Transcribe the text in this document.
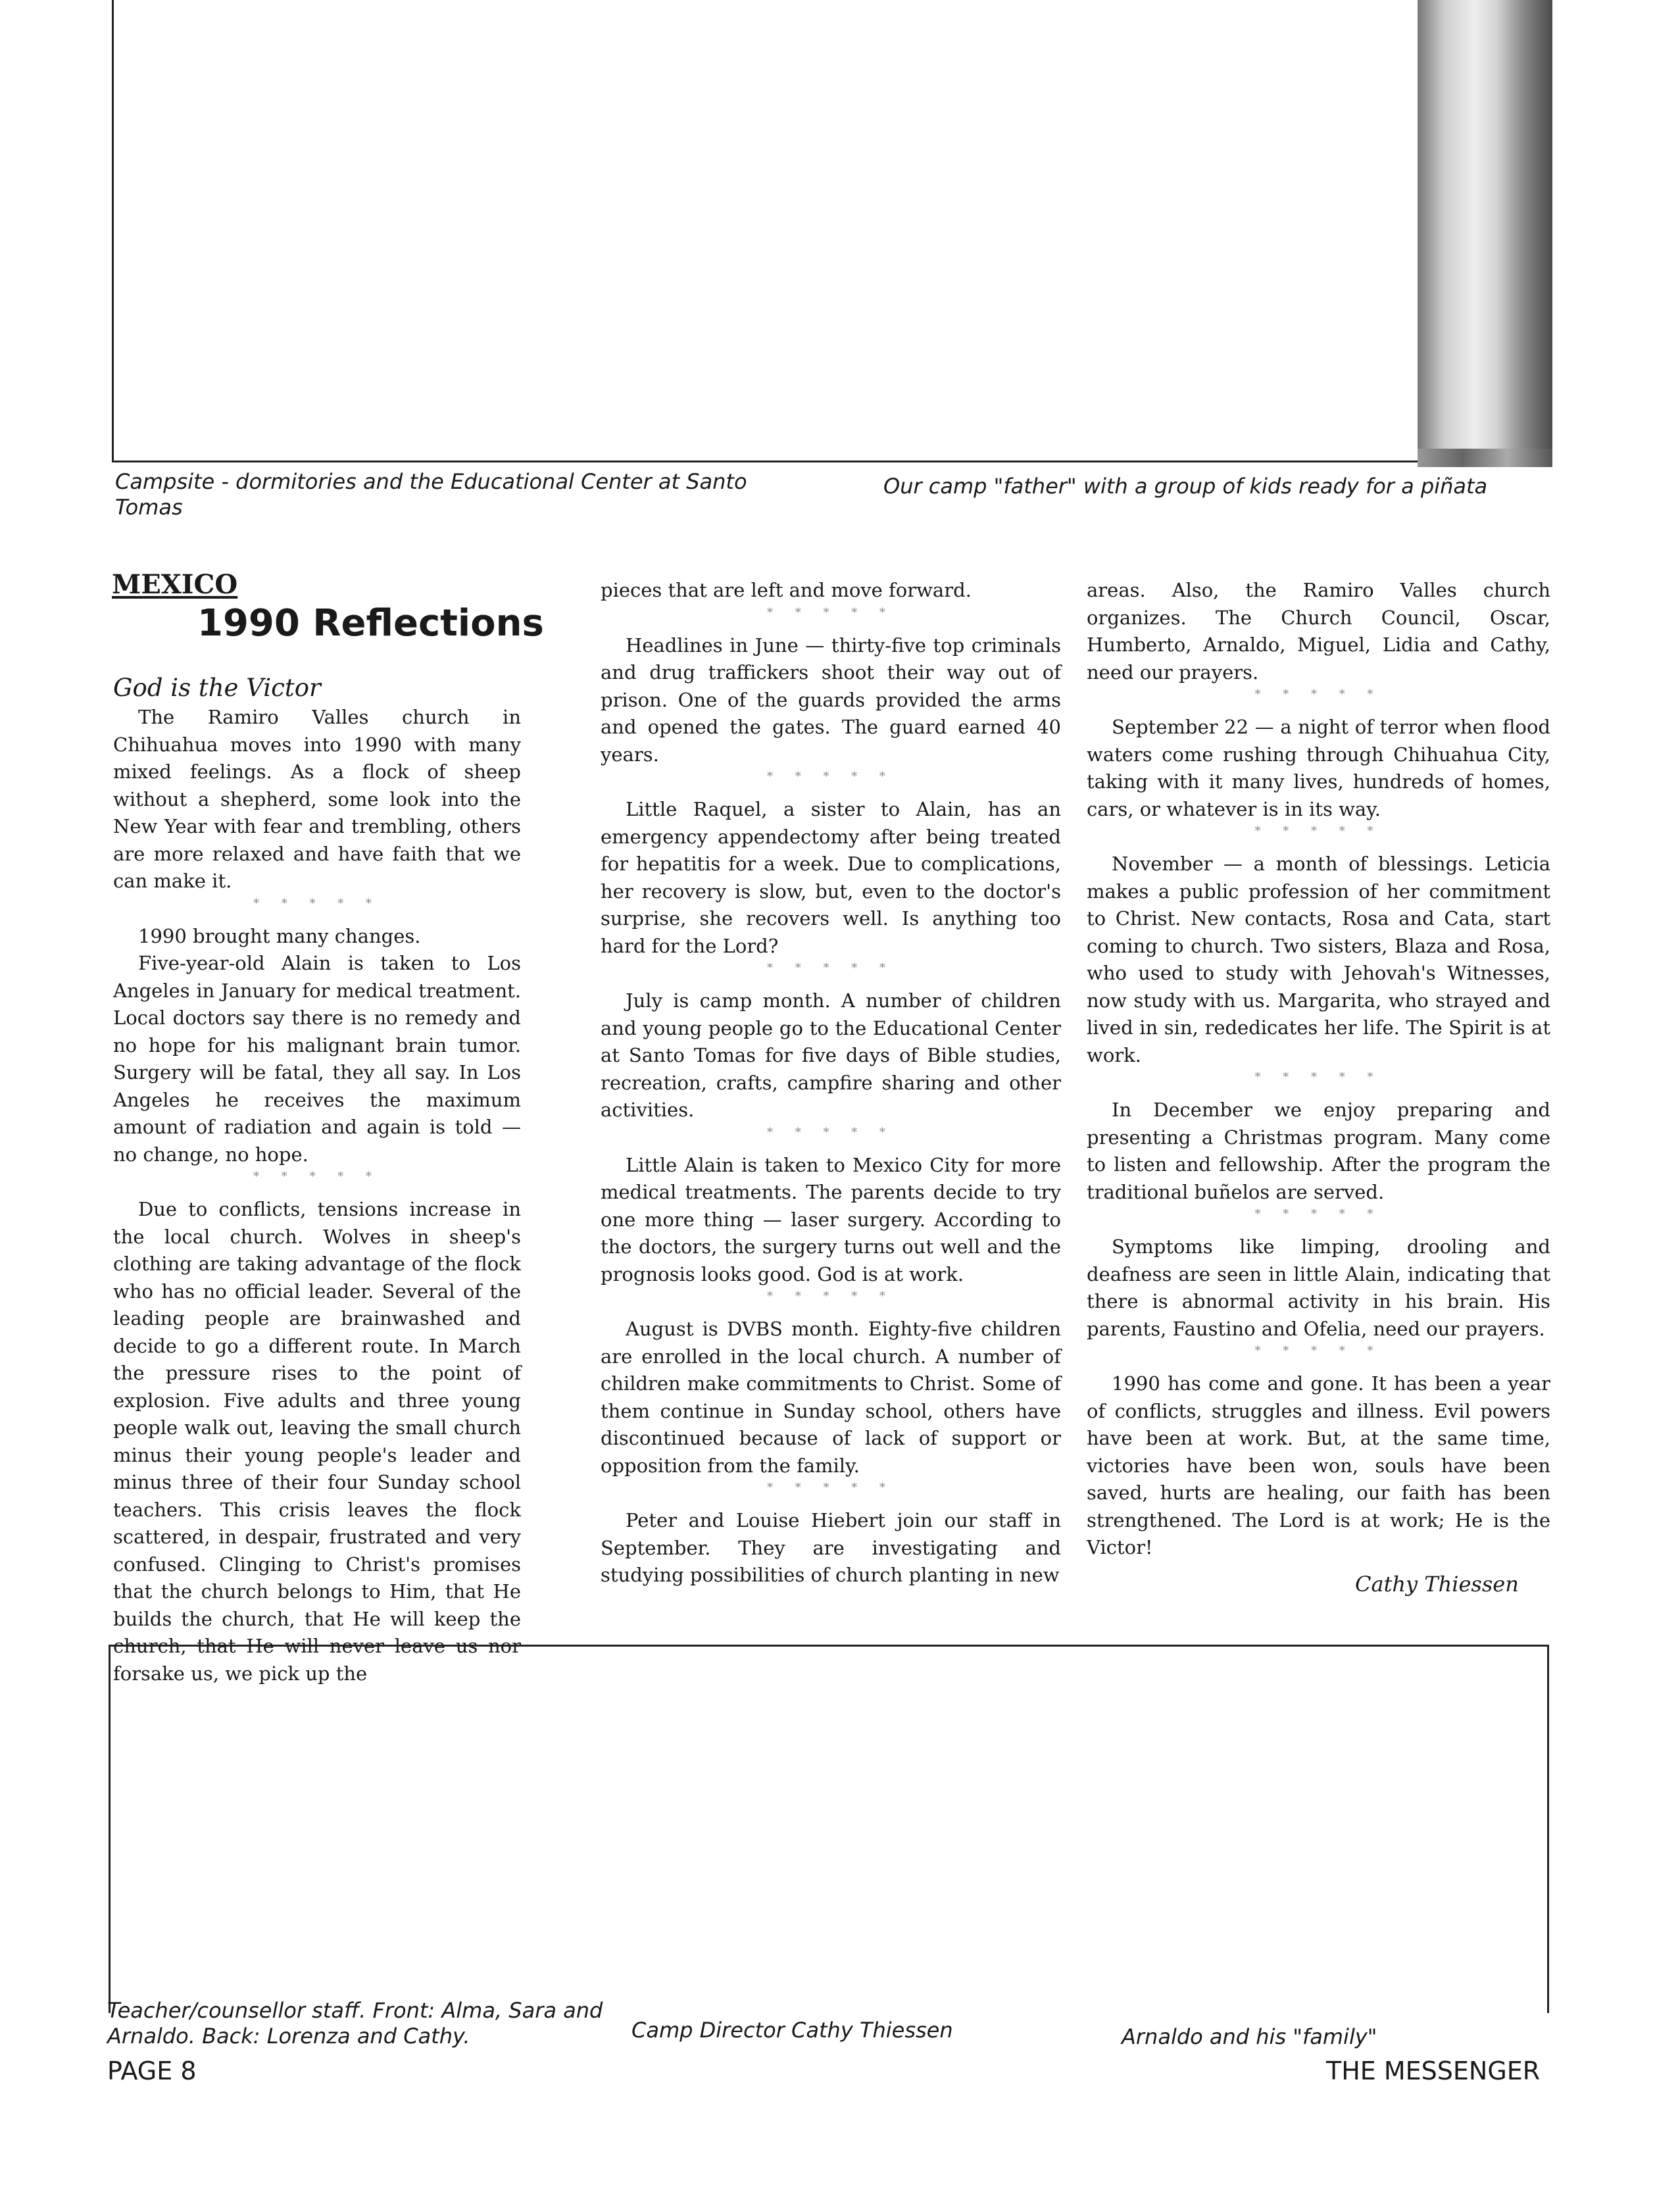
Campsite - dormitories and the Educational Center at Santo Tomas
Our camp "father" with a group of kids ready for a piñata
Teacher/counsellor staff. Front: Alma, Sara and Arnaldo. Back: Lorenza and Cathy.	Camp Director Cathy Thiessen	Arnaldo and his "family"
MEXICO
1990 Reflections
God is the Victor

The Ramiro Valles church in Chihuahua moves into 1990 with many mixed feelings. As a flock of sheep without a shepherd, some look into the New Year with fear and trembling, others are more relaxed and have faith that we can make it.

* * * * *

1990 brought many changes.

Five-year-old Alain is taken to Los Angeles in January for medical treatment. Local doctors say there is no remedy and no hope for his malignant brain tumor. Surgery will be fatal, they all say. In Los Angeles he receives the maximum amount of radiation and again is told — no change, no hope.

* * * * *

Due to conflicts, tensions increase in the local church. Wolves in sheep's clothing are taking advantage of the flock who has no official leader. Several of the leading people are brainwashed and decide to go a different route. In March the pressure rises to the point of explosion. Five adults and three young people walk out, leaving the small church minus their young people's leader and minus three of their four Sunday school teachers. This crisis leaves the flock scattered, in despair, frustrated and very confused. Clinging to Christ's promises that the church belongs to Him, that He builds the church, that He will keep the church, that He will never leave us nor forsake us, we pick up the

pieces that are left and move forward.

* * * * *

Headlines in June — thirty-five top criminals and drug traffickers shoot their way out of prison. One of the guards provided the arms and opened the gates. The guard earned 40 years.

* * * * *

Little Raquel, a sister to Alain, has an emergency appendectomy after being treated for hepatitis for a week. Due to complications, her recovery is slow, but, even to the doctor's surprise, she recovers well. Is anything too hard for the Lord?

* * * * *

July is camp month. A number of children and young people go to the Educational Center at Santo Tomas for five days of Bible studies, recreation, crafts, campfire sharing and other activities.

* * * * *

Little Alain is taken to Mexico City for more medical treatments. The parents decide to try one more thing — laser surgery. According to the doctors, the surgery turns out well and the prognosis looks good. God is at work.

* * * * *

August is DVBS month. Eighty-five children are enrolled in the local church. A number of children make commitments to Christ. Some of them continue in Sunday school, others have discontinued because of lack of support or opposition from the family.

* * * * *

Peter and Louise Hiebert join our staff in September. They are investigating and studying possibilities of church planting in new

areas. Also, the Ramiro Valles church organizes. The Church Council, Oscar, Humberto, Arnaldo, Miguel, Lidia and Cathy, need our prayers.

* * * * *

September 22 — a night of terror when flood waters come rushing through Chihuahua City, taking with it many lives, hundreds of homes, cars, or whatever is in its way.

* * * * *

November — a month of blessings. Leticia makes a public profession of her commitment to Christ. New contacts, Rosa and Cata, start coming to church. Two sisters, Blaza and Rosa, who used to study with Jehovah's Witnesses, now study with us. Margarita, who strayed and lived in sin, rededicates her life. The Spirit is at work.

* * * * *

In December we enjoy preparing and presenting a Christmas program. Many come to listen and fellowship. After the program the traditional buñelos are served.

* * * * *

Symptoms like limping, drooling and deafness are seen in little Alain, indicating that there is abnormal activity in his brain. His parents, Faustino and Ofelia, need our prayers.

* * * * *

1990 has come and gone. It has been a year of conflicts, struggles and illness. Evil powers have been at work. But, at the same time, victories have been won, souls have been saved, hurts are healing, our faith has been strengthened. The Lord is at work; He is the Victor!

Cathy Thiessen
PAGE 8	THE MESSENGER
